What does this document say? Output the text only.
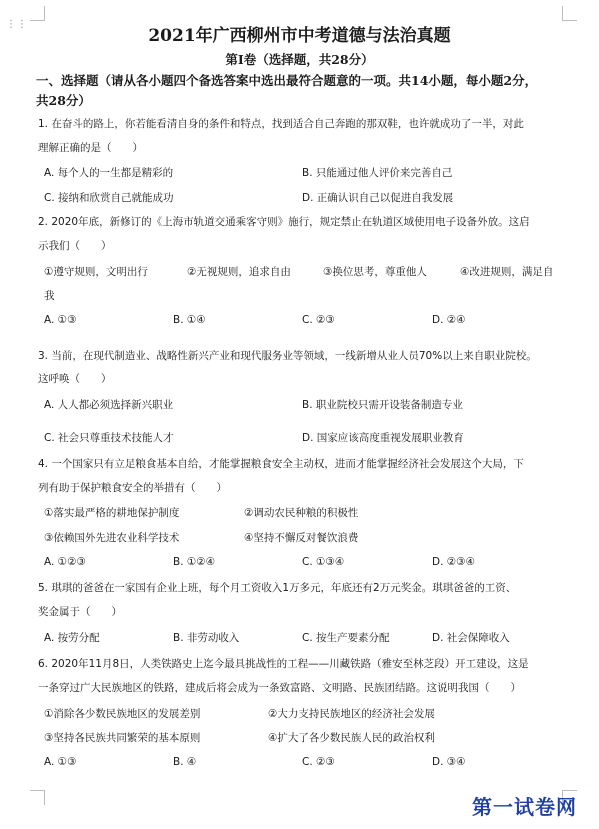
⋮⋮
2021年广西柳州市中考道德与法治真题
第Ⅰ卷（选择题，共28分）
一、选择题（请从各小题四个备选答案中选出最符合题意的一项。共14小题，每小题2分，
共28分）
1. 在奋斗的路上，你若能看清自身的条件和特点，找到适合自己奔跑的那双鞋，也许就成功了一半，对此
理解正确的是（　　）
A. 每个人的一生都是精彩的	B. 只能通过他人评价来完善自己
C. 接纳和欣赏自己就能成功	D. 正确认识自己以促进自我发展
2. 2020年底，新修订的《上海市轨道交通乘客守则》施行，规定禁止在轨道区域使用电子设备外放。这启
示我们（　　）
①遵守规则，文明出行	②无视规则，追求自由	③换位思考，尊重他人	④改进规则，满足自
我
A. ①③	B. ①④	C. ②③	D. ②④
3. 当前，在现代制造业、战略性新兴产业和现代服务业等领域，一线新增从业人员70%以上来自职业院校。
这呼唤（　　）
A. 人人都必须选择新兴职业	B. 职业院校只需开设装备制造专业
C. 社会只尊重技术技能人才	D. 国家应该高度重视发展职业教育
4. 一个国家只有立足粮食基本自给，才能掌握粮食安全主动权，进而才能掌握经济社会发展这个大局，下
列有助于保护粮食安全的举措有（　　）
①落实最严格的耕地保护制度	②调动农民种粮的积极性
③依赖国外先进农业科学技术	④坚持不懈反对餐饮浪费
A. ①②③	B. ①②④	C. ①③④	D. ②③④
5. 琪琪的爸爸在一家国有企业上班，每个月工资收入1万多元，年底还有2万元奖金。琪琪爸爸的工资、
奖金属于（　　）
A. 按劳分配	B. 非劳动收入	C. 按生产要素分配	D. 社会保障收入
6. 2020年11月8日，人类铁路史上迄今最具挑战性的工程——川藏铁路（雅安至林芝段）开工建设，这是
一条穿过广大民族地区的铁路，建成后将会成为一条致富路、文明路、民族团结路。这说明我国（　　）
①消除各少数民族地区的发展差别	②大力支持民族地区的经济社会发展
③坚持各民族共同繁荣的基本原则	④扩大了各少数民族人民的政治权利
A. ①③	B. ④	C. ②③	D. ③④
第一试卷网
